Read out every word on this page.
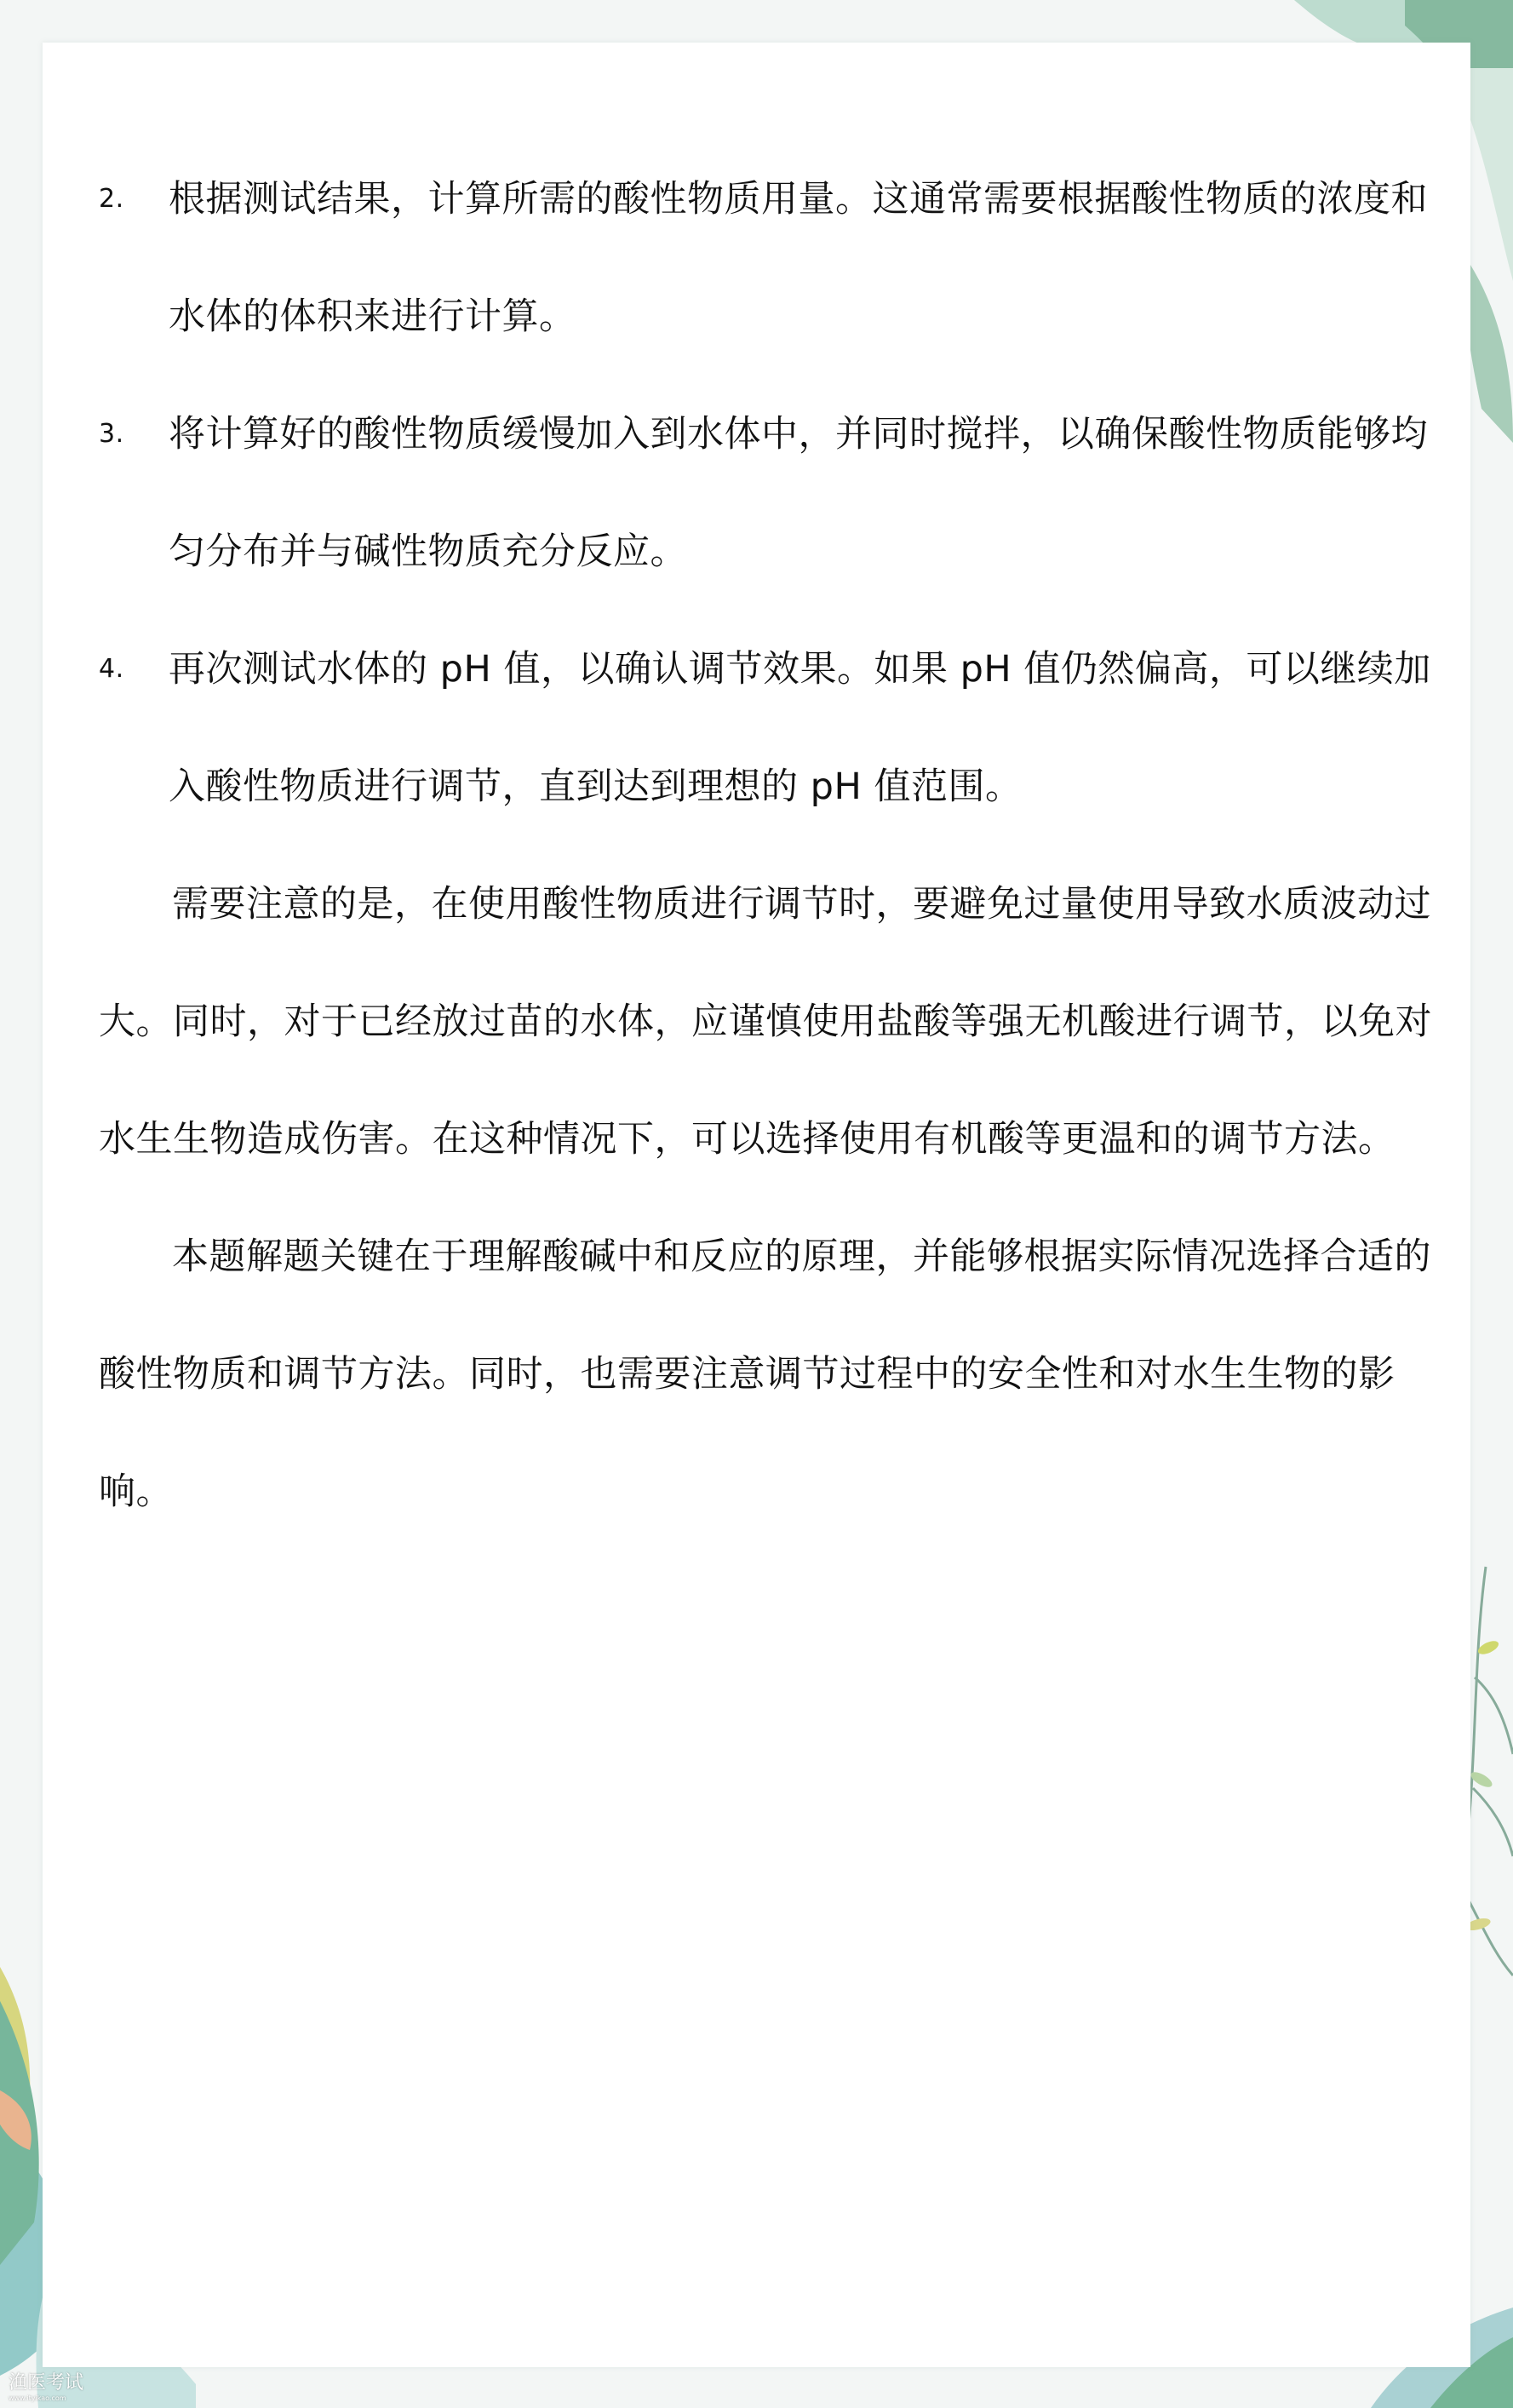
2. 根据测试结果，计算所需的酸性物质用量。这通常需要根据酸性物质的浓度和水体的体积来进行计算。
3. 将计算好的酸性物质缓慢加入到水体中，并同时搅拌，以确保酸性物质能够均匀分布并与碱性物质充分反应。
4. 再次测试水体的 pH 值，以确认调节效果。如果 pH 值仍然偏高，可以继续加入酸性物质进行调节，直到达到理想的 pH 值范围。

需要注意的是，在使用酸性物质进行调节时，要避免过量使用导致水质波动过大。同时，对于已经放过苗的水体，应谨慎使用盐酸等强无机酸进行调节，以免对水生生物造成伤害。在这种情况下，可以选择使用有机酸等更温和的调节方法。

本题解题关键在于理解酸碱中和反应的原理，并能够根据实际情况选择合适的酸性物质和调节方法。同时，也需要注意调节过程中的安全性和对水生生物的影响。

渔医考试
www.ityikao.com
